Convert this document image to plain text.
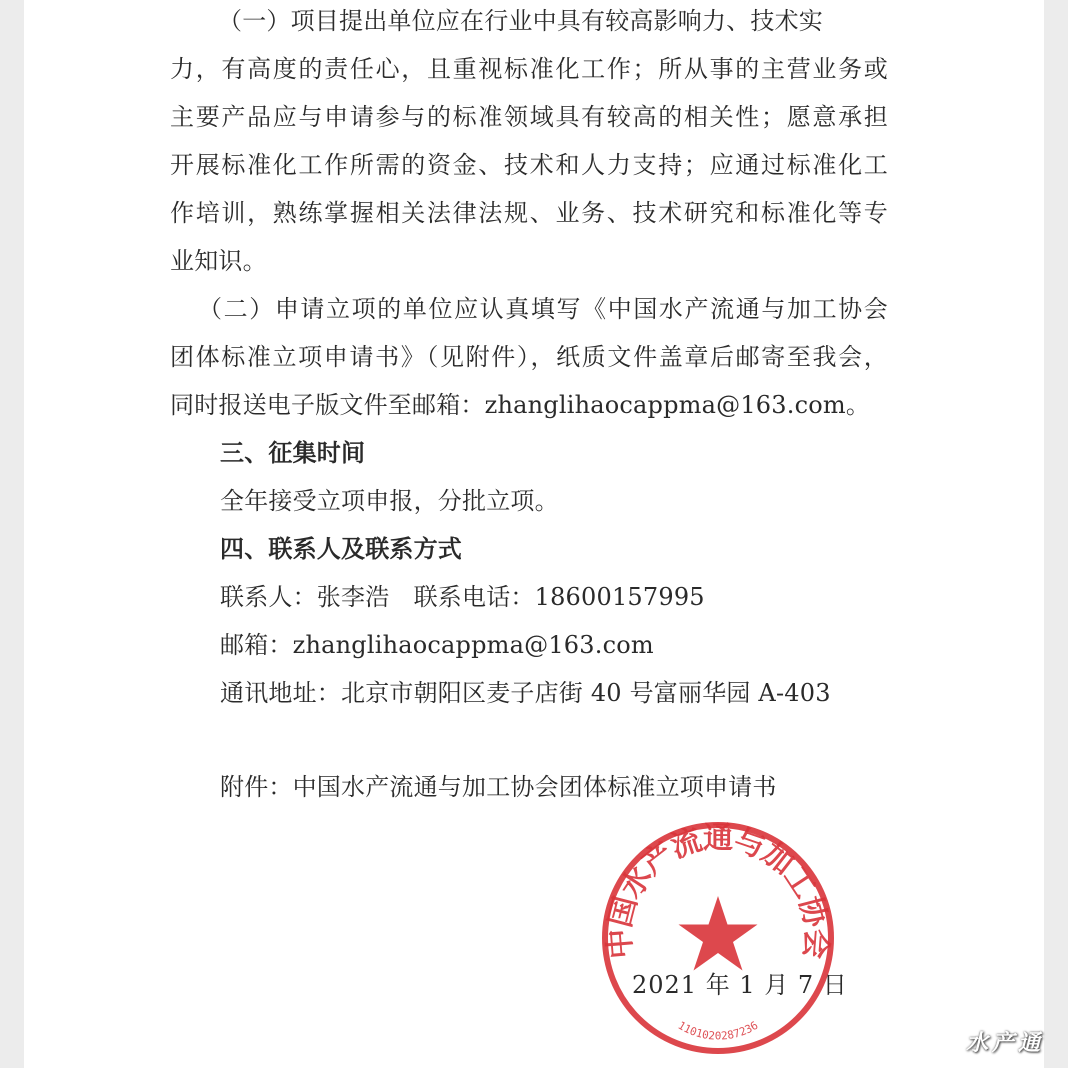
（一）项目提出单位应在行业中具有较高影响力、技术实
力，有高度的责任心，且重视标准化工作；所从事的主营业务或
主要产品应与申请参与的标准领域具有较高的相关性；愿意承担
开展标准化工作所需的资金、技术和人力支持；应通过标准化工
作培训，熟练掌握相关法律法规、业务、技术研究和标准化等专
业知识。
（二）申请立项的单位应认真填写《中国水产流通与加工协会
团体标准立项申请书》（见附件），纸质文件盖章后邮寄至我会，
同时报送电子版文件至邮箱：zhanglihaocappma@163.com。
三、征集时间
全年接受立项申报，分批立项。
四、联系人及联系方式
联系人：张李浩　联系电话：18600157995
邮箱：zhanglihaocappma@163.com
通讯地址：北京市朝阳区麦子店街 40 号富丽华园 A-403
附件：中国水产流通与加工协会团体标准立项申请书
中国水产流通与加工协会
1101020287236
2021 年 1 月 7 日
水产通
